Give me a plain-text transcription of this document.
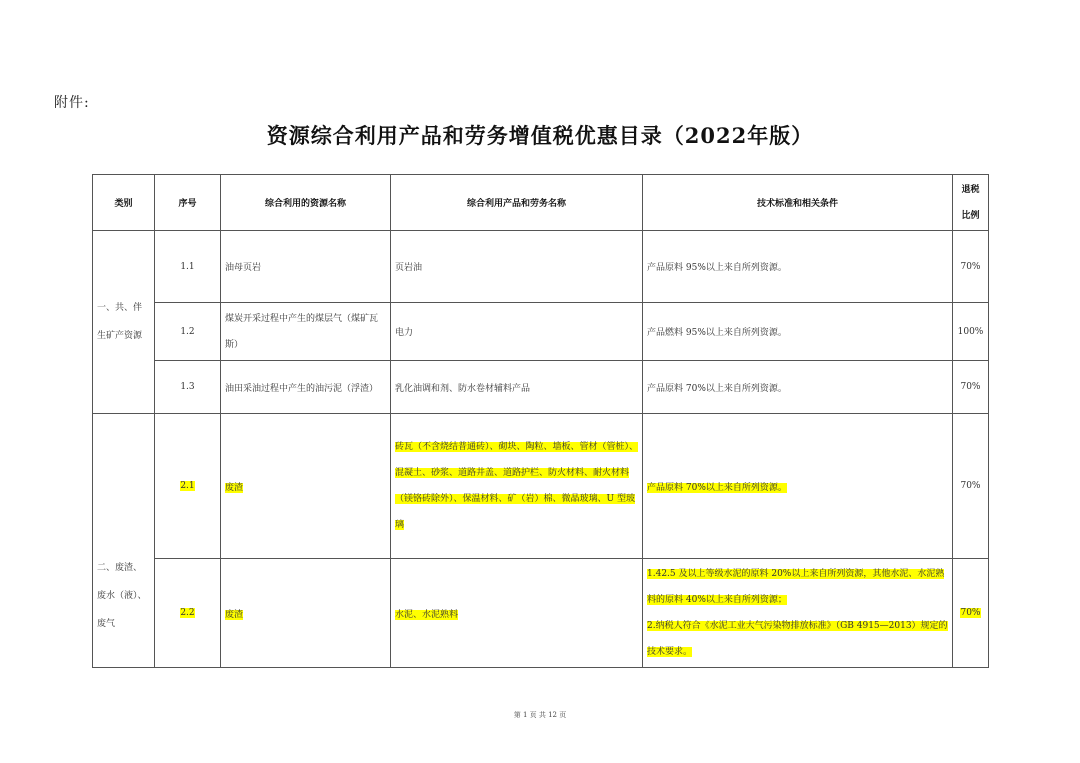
附件:
资源综合利用产品和劳务增值税优惠目录（2022年版）
类别	序号	综合利用的资源名称	综合利用产品和劳务名称	技术标准和相关条件	退税
比例
一、共、伴生矿产资源	1.1	油母页岩	页岩油	产品原料 95%以上来自所列资源。	70%
	1.2	煤炭开采过程中产生的煤层气（煤矿瓦斯）	电力	产品燃料 95%以上来自所列资源。	100%
	1.3	油田采油过程中产生的油污泥（浮渣）	乳化油调和剂、防水卷材辅料产品	产品原料 70%以上来自所列资源。	70%
二、废渣、废水（液）、废气	2.1	废渣	砖瓦（不含烧结普通砖）、砌块、陶粒、墙板、管材（管桩）、混凝土、砂浆、道路井盖、道路护栏、防火材料、耐火材料（镁铬砖除外）、保温材料、矿（岩）棉、微晶玻璃、U 型玻璃	产品原料 70%以上来自所列资源。	70%
	2.2	废渣	水泥、水泥熟料	1.42.5 及以上等级水泥的原料 20%以上来自所列资源，其他水泥、水泥熟料的原料 40%以上来自所列资源；
2.纳税人符合《水泥工业大气污染物排放标准》（GB 4915—2013）规定的技术要求。	70%
第 1 页 共 12 页
